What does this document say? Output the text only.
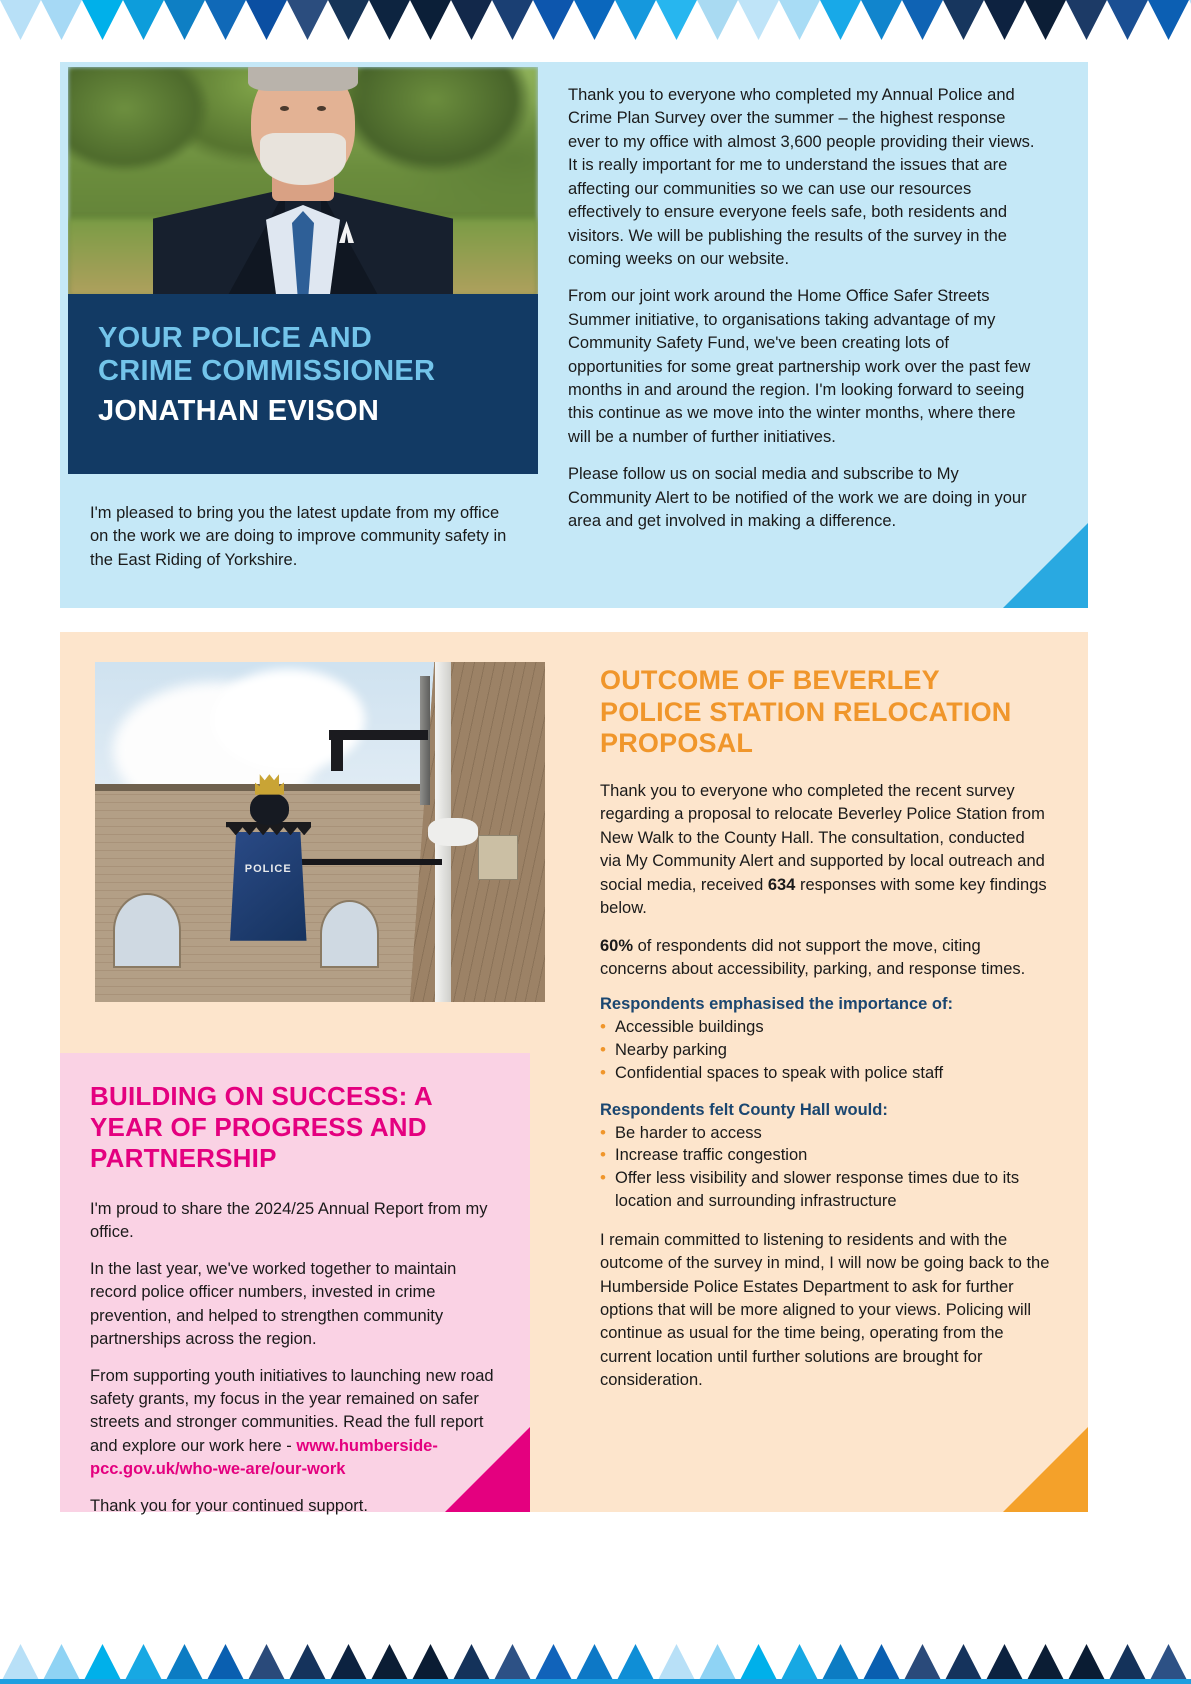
YOUR POLICE AND
CRIME COMMISSIONER
JONATHAN EVISON
I'm pleased to bring you the latest update from my office on the work we are doing to improve community safety in the East Riding of Yorkshire.

Thank you to everyone who completed my Annual Police and Crime Plan Survey over the summer – the highest response ever to my office with almost 3,600 people providing their views. It is really important for me to understand the issues that are affecting our communities so we can use our resources effectively to ensure everyone feels safe, both residents and visitors. We will be publishing the results of the survey in the coming weeks on our website.

From our joint work around the Home Office Safer Streets Summer initiative, to organisations taking advantage of my Community Safety Fund, we've been creating lots of opportunities for some great partnership work over the past few months in and around the region. I'm looking forward to seeing this continue as we move into the winter months, where there will be a number of further initiatives.

Please follow us on social media and subscribe to My Community Alert to be notified of the work we are doing in your area and get involved in making a difference.

POLICE
OUTCOME OF BEVERLEY POLICE STATION RELOCATION PROPOSAL

Thank you to everyone who completed the recent survey regarding a proposal to relocate Beverley Police Station from New Walk to the County Hall. The consultation, conducted via My Community Alert and supported by local outreach and social media, received 634 responses with some key findings below.

60% of respondents did not support the move, citing concerns about accessibility, parking, and response times.

Respondents emphasised the importance of:
• Accessible buildings
• Nearby parking
• Confidential spaces to speak with police staff
Respondents felt County Hall would:
• Be harder to access
• Increase traffic congestion
• Offer less visibility and slower response times due to its location and surrounding infrastructure

I remain committed to listening to residents and with the outcome of the survey in mind, I will now be going back to the Humberside Police Estates Department to ask for further options that will be more aligned to your views. Policing will continue as usual for the time being, operating from the current location until further solutions are brought for consideration.

BUILDING ON SUCCESS: A YEAR OF PROGRESS AND PARTNERSHIP

I'm proud to share the 2024/25 Annual Report from my office.

In the last year, we've worked together to maintain record police officer numbers, invested in crime prevention, and helped to strengthen community partnerships across the region.

From supporting youth initiatives to launching new road safety grants, my focus in the year remained on safer streets and stronger communities. Read the full report and explore our work here - www.humberside-pcc.gov.uk/who-we-are/our-work

Thank you for your continued support.
